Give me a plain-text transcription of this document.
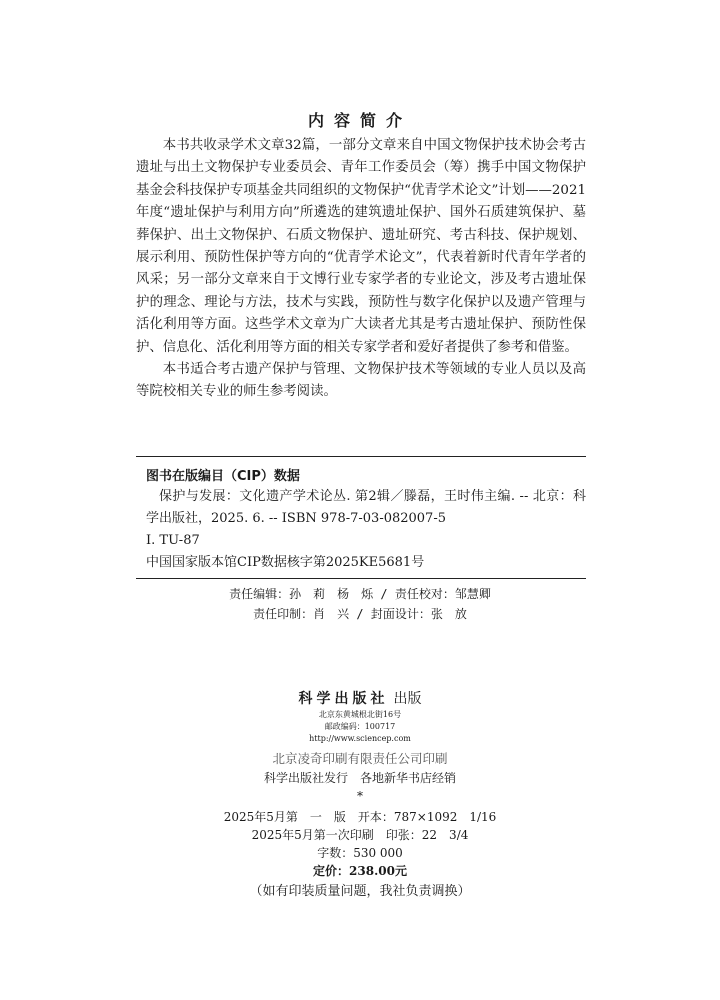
内容简介

本书共收录学术文章32篇，一部分文章来自中国文物保护技术协会考古遗址与出土文物保护专业委员会、青年工作委员会（筹）携手中国文物保护基金会科技保护专项基金共同组织的文物保护“优青学术论文”计划——2021年度“遗址保护与利用方向”所遴选的建筑遗址保护、国外石质建筑保护、墓葬保护、出土文物保护、石质文物保护、遗址研究、考古科技、保护规划、展示利用、预防性保护等方向的“优青学术论文”，代表着新时代青年学者的风采；另一部分文章来自于文博行业专家学者的专业论文，涉及考古遗址保护的理念、理论与方法，技术与实践，预防性与数字化保护以及遗产管理与活化利用等方面。这些学术文章为广大读者尤其是考古遗址保护、预防性保护、信息化、活化利用等方面的相关专家学者和爱好者提供了参考和借鉴。

本书适合考古遗产保护与管理、文物保护技术等领域的专业人员以及高等院校相关专业的师生参考阅读。

图书在版编目（CIP）数据
保护与发展：文化遗产学术论丛. 第2辑／滕磊，王时伟主编. -- 北京：科学出版社，2025. 6. -- ISBN 978-7-03-082007-5
Ⅰ. TU-87
中国国家版本馆CIP数据核字第2025KE5681号
责任编辑：孙　莉　杨　烁 / 责任校对：邹慧卿
责任印制：肖　兴 / 封面设计：张　放
科学出版社 出版
北京东黄城根北街16号
邮政编码：100717
http://www.sciencep.com
北京凌奇印刷有限责任公司印刷
科学出版社发行　各地新华书店经销
*
2025年5月第　一　版　开本：787×1092　1/16
2025年5月第一次印刷　印张：22　3/4
字数：530 000
定价：238.00元
（如有印装质量问题，我社负责调换）
